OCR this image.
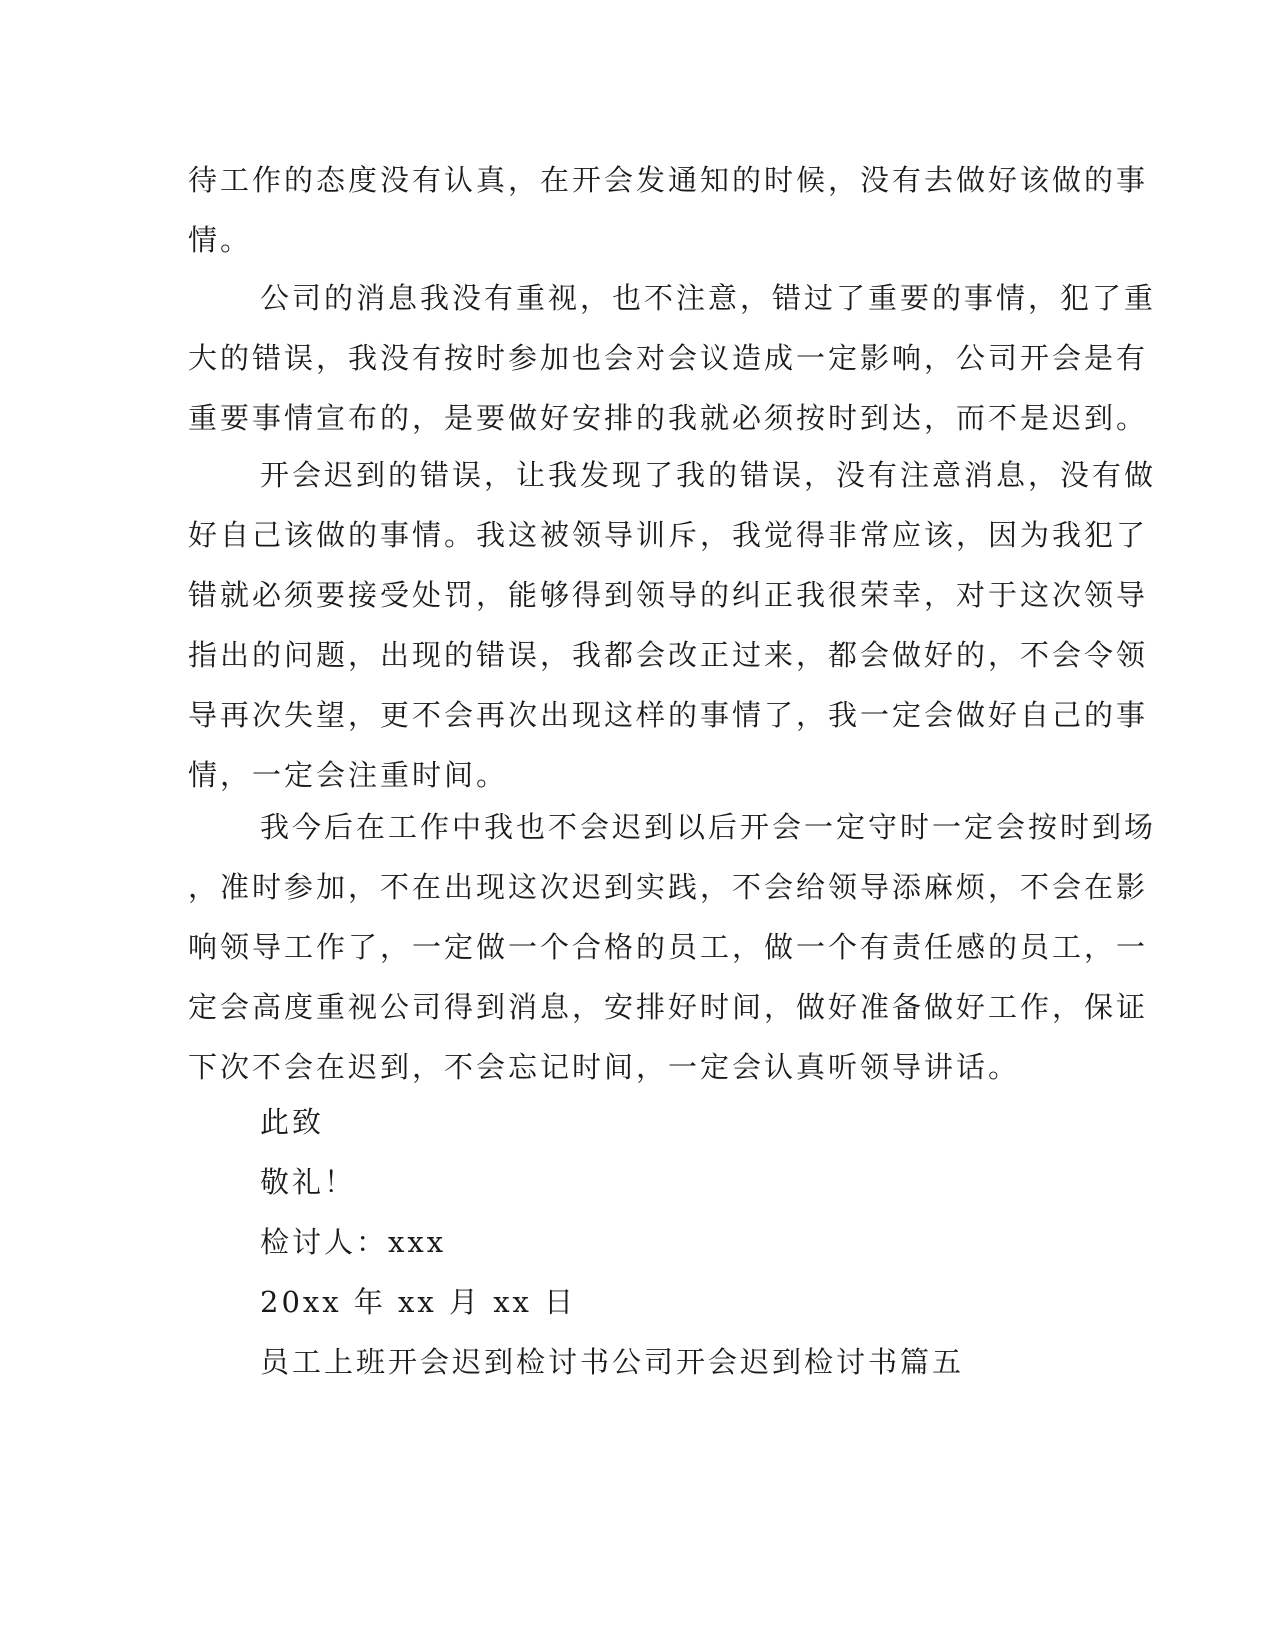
待工作的态度没有认真，在开会发通知的时候，没有去做好该做的事
情。
公司的消息我没有重视，也不注意，错过了重要的事情，犯了重
大的错误，我没有按时参加也会对会议造成一定影响，公司开会是有
重要事情宣布的，是要做好安排的我就必须按时到达，而不是迟到。
开会迟到的错误，让我发现了我的错误，没有注意消息，没有做
好自己该做的事情。我这被领导训斥，我觉得非常应该，因为我犯了
错就必须要接受处罚，能够得到领导的纠正我很荣幸，对于这次领导
指出的问题，出现的错误，我都会改正过来，都会做好的，不会令领
导再次失望，更不会再次出现这样的事情了，我一定会做好自己的事
情，一定会注重时间。
我今后在工作中我也不会迟到以后开会一定守时一定会按时到场
，准时参加，不在出现这次迟到实践，不会给领导添麻烦，不会在影
响领导工作了，一定做一个合格的员工，做一个有责任感的员工，一
定会高度重视公司得到消息，安排好时间，做好准备做好工作，保证
下次不会在迟到，不会忘记时间，一定会认真听领导讲话。
此致
敬礼！
检讨人：xxx
20xx 年 xx 月 xx 日
员工上班开会迟到检讨书公司开会迟到检讨书篇五
